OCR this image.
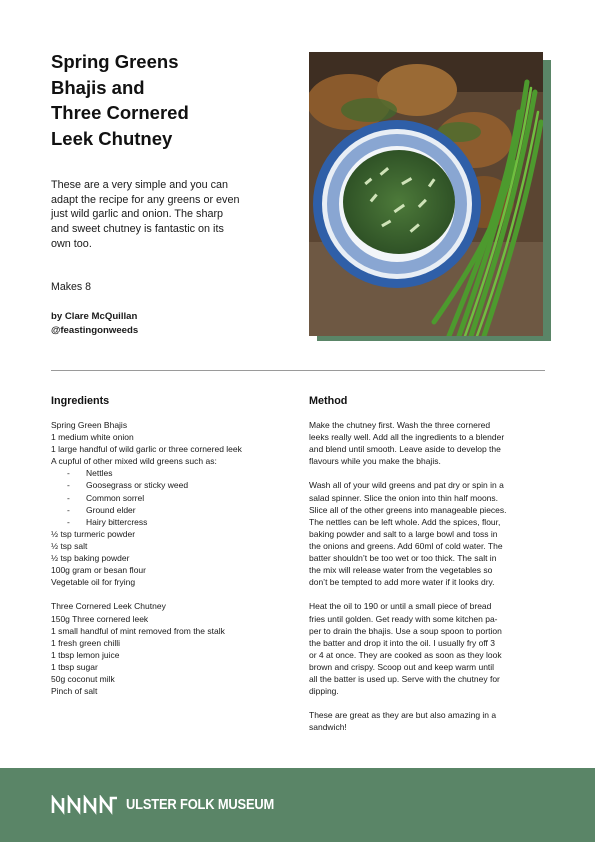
Spring Greens
Bhajis and
Three Cornered
Leek Chutney

These are a very simple and you can adapt the recipe for any greens or even just wild garlic and onion. The sharp and sweet chutney is fantastic on its own too.

Makes 8

by Clare McQuillan
@feastingonweeds
Ingredients
Spring Green Bhajis
1 medium white onion
1 large handful of wild garlic or three cornered leek
A cupful of other mixed wild greens such as:
- Nettles
- Goosegrass or sticky weed
- Common sorrel
- Ground elder
- Hairy bittercress
½ tsp turmeric powder
½ tsp salt
½ tsp baking powder
100g gram or besan flour
Vegetable oil for frying
Three Cornered Leek Chutney
150g Three cornered leek
1 small handful of mint removed from the stalk
1 fresh green chilli
1 tbsp lemon juice
1 tbsp sugar
50g coconut milk
Pinch of salt
Method
Make the chutney first. Wash the three cornered
leeks really well. Add all the ingredients to a blender
and blend until smooth. Leave aside to develop the
flavours while you make the bhajis.
Wash all of your wild greens and pat dry or spin in a
salad spinner. Slice the onion into thin half moons.
Slice all of the other greens into manageable pieces.
The nettles can be left whole. Add the spices, flour,
baking powder and salt to a large bowl and toss in
the onions and greens. Add 60ml of cold water. The
batter shouldn’t be too wet or too thick. The salt in
the mix will release water from the vegetables so
don’t be tempted to add more water if it looks dry.
Heat the oil to 190 or until a small piece of bread
fries until golden. Get ready with some kitchen pa-
per to drain the bhajis. Use a soup spoon to portion
the batter and drop it into the oil. I usually fry off 3
or 4 at once. They are cooked as soon as they look
brown and crispy. Scoop out and keep warm until
all the batter is used up. Serve with the chutney for
dipping.
These are great as they are but also amazing in a
sandwich!
ULSTER FOLK MUSEUM
